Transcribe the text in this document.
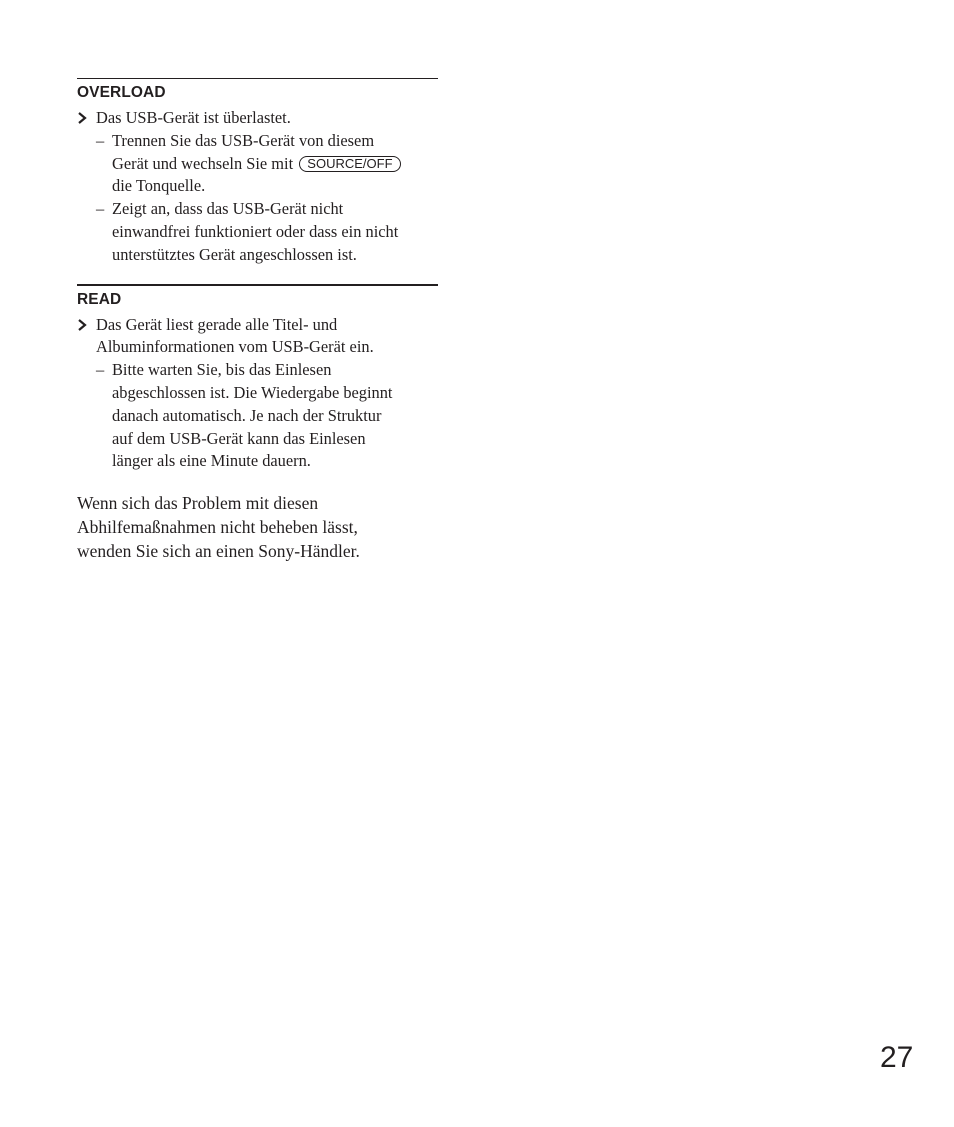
OVERLOAD
Das USB-Gerät ist überlastet.
– Trennen Sie das USB-Gerät von diesem
Gerät und wechseln Sie mit SOURCE/OFF
die Tonquelle.
– Zeigt an, dass das USB-Gerät nicht
einwandfrei funktioniert oder dass ein nicht
unterstütztes Gerät angeschlossen ist.
READ
Das Gerät liest gerade alle Titel- und
Albuminformationen vom USB-Gerät ein.
– Bitte warten Sie, bis das Einlesen
abgeschlossen ist. Die Wiedergabe beginnt
danach automatisch. Je nach der Struktur
auf dem USB-Gerät kann das Einlesen
länger als eine Minute dauern.
Wenn sich das Problem mit diesen
Abhilfemaßnahmen nicht beheben lässt,
wenden Sie sich an einen Sony-Händler.
27
